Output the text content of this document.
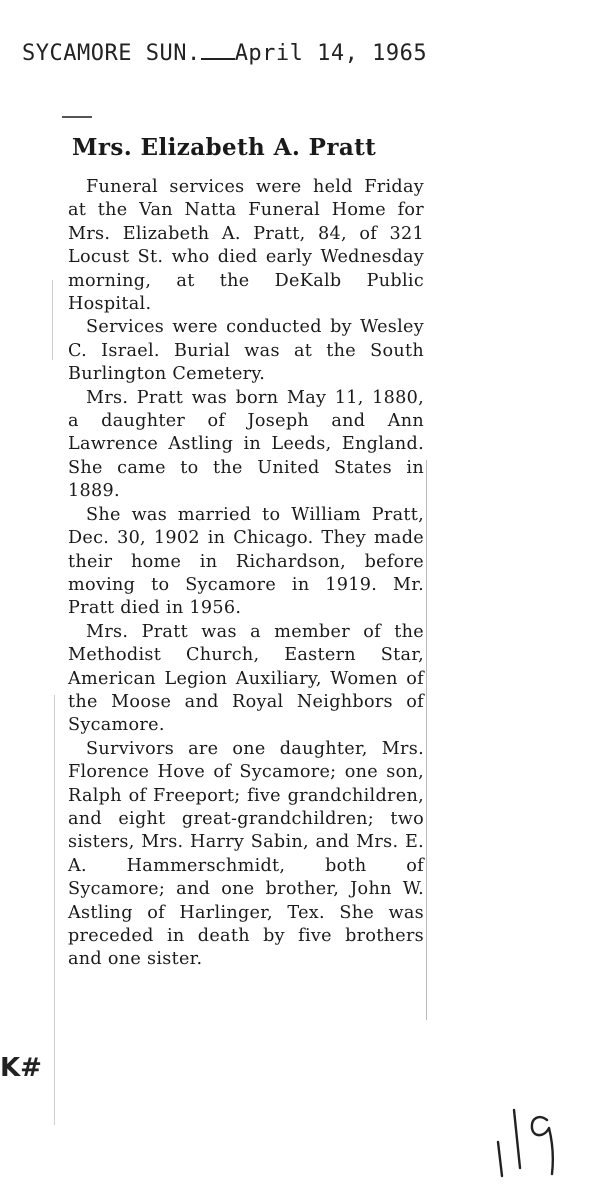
SYCAMORE SUN. April 14, 1965
Mrs. Elizabeth A. Pratt

Funeral services were held Friday at the Van Natta Funeral Home for Mrs. Elizabeth A. Pratt, 84, of 321 Locust St. who died early Wednesday morning, at the DeKalb Public Hospital.

Services were conducted by Wesley C. Israel. Burial was at the South Burlington Cemetery.

Mrs. Pratt was born May 11, 1880, a daughter of Joseph and Ann Lawrence Astling in Leeds, England. She came to the United States in 1889.

She was married to William Pratt, Dec. 30, 1902 in Chicago. They made their home in Richardson, before moving to Sycamore in 1919. Mr. Pratt died in 1956.

Mrs. Pratt was a member of the Methodist Church, Eastern Star, American Legion Auxiliary, Women of the Moose and Royal Neighbors of Sycamore.

Survivors are one daughter, Mrs. Florence Hove of Sycamore; one son, Ralph of Freeport; five grandchildren, and eight great-grandchildren; two sisters, Mrs. Harry Sabin, and Mrs. E. A. Hammerschmidt, both of Sycamore; and one brother, John W. Astling of Harlinger, Tex. She was preceded in death by five brothers and one sister.

K#
